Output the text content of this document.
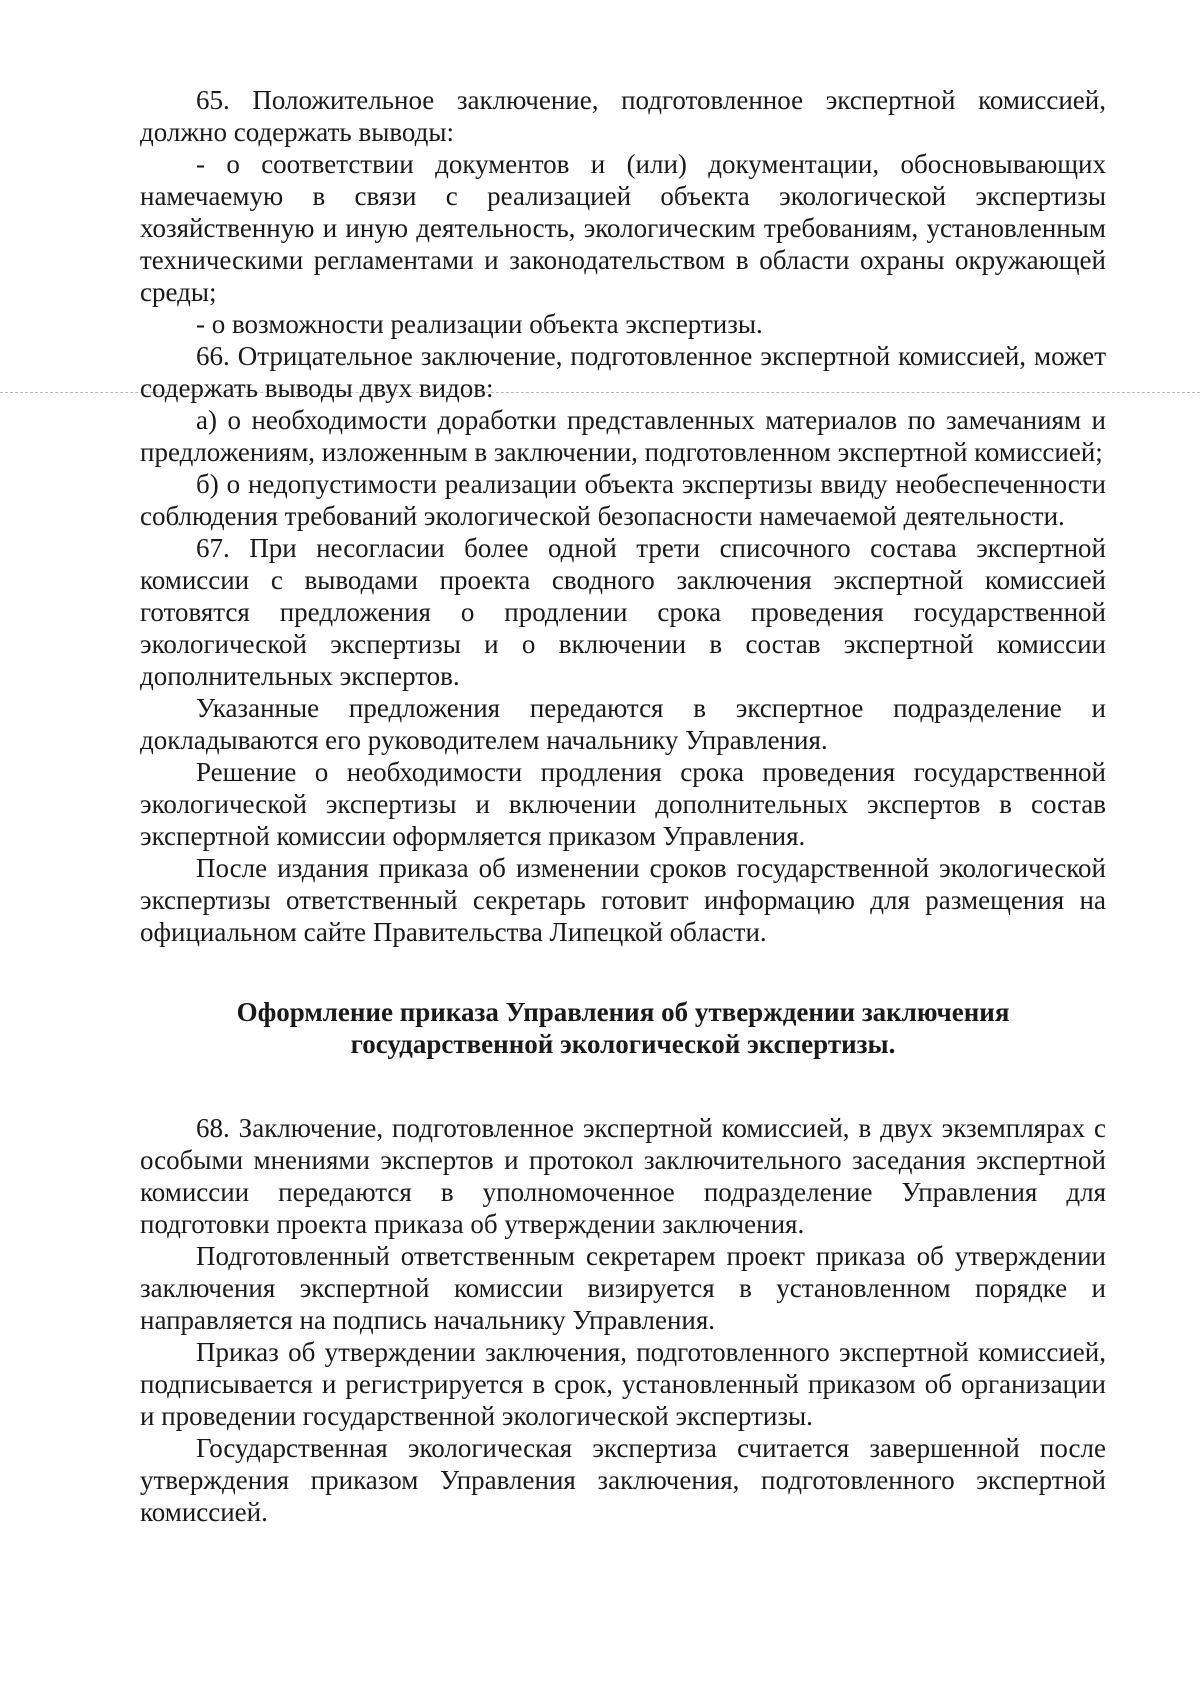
65. Положительное заключение, подготовленное экспертной комиссией, должно содержать выводы:

- о соответствии документов и (или) документации, обосновывающих намечаемую в связи с реализацией объекта экологической экспертизы хозяйственную и иную деятельность, экологическим требованиям, установленным техническими регламентами и законодательством в области охраны окружающей среды;

- о возможности реализации объекта экспертизы.

66. Отрицательное заключение, подготовленное экспертной комиссией, может содержать выводы двух видов:

а) о необходимости доработки представленных материалов по замечаниям и предложениям, изложенным в заключении, подготовленном экспертной комиссией;

б) о недопустимости реализации объекта экспертизы ввиду необеспеченности соблюдения требований экологической безопасности намечаемой деятельности.

67. При несогласии более одной трети списочного состава экспертной комиссии с выводами проекта сводного заключения экспертной комиссией готовятся предложения о продлении срока проведения государственной экологической экспертизы и о включении в состав экспертной комиссии дополнительных экспертов.

Указанные предложения передаются в экспертное подразделение и докладываются его руководителем начальнику Управления.

Решение о необходимости продления срока проведения государственной экологической экспертизы и включении дополнительных экспертов в состав экспертной комиссии оформляется приказом Управления.

После издания приказа об изменении сроков государственной экологической экспертизы ответственный секретарь готовит информацию для размещения на официальном сайте Правительства Липецкой области.

Оформление приказа Управления об утверждении заключения государственной экологической экспертизы.

68. Заключение, подготовленное экспертной комиссией, в двух экземплярах с особыми мнениями экспертов и протокол заключительного заседания экспертной комиссии передаются в уполномоченное подразделение Управления для подготовки проекта приказа об утверждении заключения.

Подготовленный ответственным секретарем проект приказа об утверждении заключения экспертной комиссии визируется в установленном порядке и направляется на подпись начальнику Управления.

Приказ об утверждении заключения, подготовленного экспертной комиссией, подписывается и регистрируется в срок, установленный приказом об организации и проведении государственной экологической экспертизы.

Государственная экологическая экспертиза считается завершенной после утверждения приказом Управления заключения, подготовленного экспертной комиссией.
